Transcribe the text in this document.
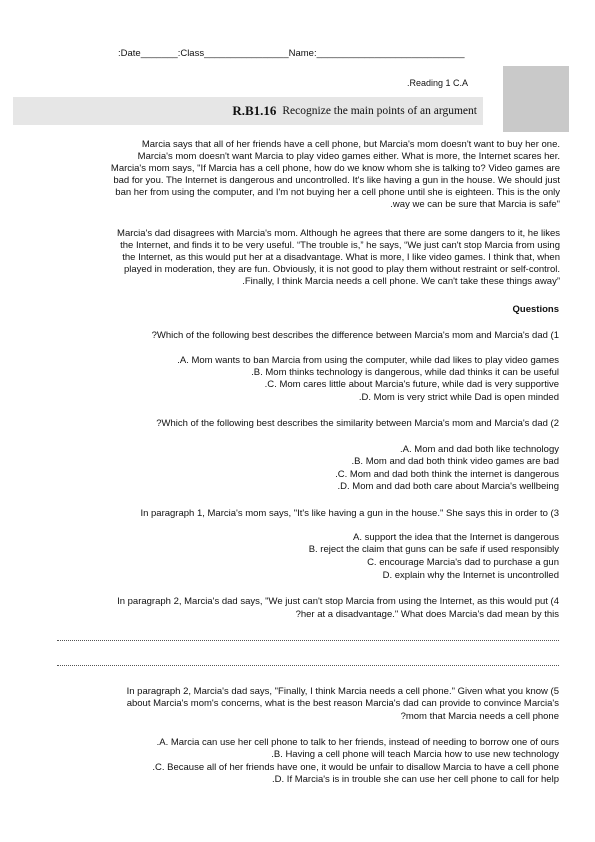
:Date_______:Class________________Name:____________________________
.Reading 1 C.A
R.B1.16 Recognize the main points of an argument
Marcia says that all of her friends have a cell phone, but Marcia's mom doesn't want to buy her one.
Marcia's mom doesn't want Marcia to play video games either. What is more, the Internet scares her.
Marcia's mom says, "If Marcia has a cell phone, how do we know whom she is talking to? Video games are
bad for you. The Internet is dangerous and uncontrolled. It's like having a gun in the house. We should just
ban her from using the computer, and I'm not buying her a cell phone until she is eighteen. This is the only
.way we can be sure that Marcia is safe"
Marcia's dad disagrees with Marcia's mom. Although he agrees that there are some dangers to it, he likes
the Internet, and finds it to be very useful. “The trouble is,” he says, “We just can't stop Marcia from using
the Internet, as this would put her at a disadvantage. What is more, I like video games. I think that, when
played in moderation, they are fun. Obviously, it is not good to play them without restraint or self-control.
.Finally, I think Marcia needs a cell phone. We can't take these things away”
Questions
?Which of the following best describes the difference between Marcia's mom and Marcia's dad (1
.A. Mom wants to ban Marcia from using the computer, while dad likes to play video games
.B. Mom thinks technology is dangerous, while dad thinks it can be useful
.C. Mom cares little about Marcia's future, while dad is very supportive
.D. Mom is very strict while Dad is open minded
?Which of the following best describes the similarity between Marcia's mom and Marcia's dad (2
.A. Mom and dad both like technology
.B. Mom and dad both think video games are bad
.C. Mom and dad both think the internet is dangerous
.D. Mom and dad both care about Marcia's wellbeing
In paragraph 1, Marcia's mom says, "It's like having a gun in the house." She says this in order to (3
A. support the idea that the Internet is dangerous
B. reject the claim that guns can be safe if used responsibly
C. encourage Marcia's dad to purchase a gun
D. explain why the Internet is uncontrolled
In paragraph 2, Marcia's dad says, "We just can't stop Marcia from using the Internet, as this would put (4
?her at a disadvantage." What does Marcia's dad mean by this
In paragraph 2, Marcia's dad says, "Finally, I think Marcia needs a cell phone." Given what you know (5
about Marcia's mom's concerns, what is the best reason Marcia's dad can provide to convince Marcia's
?mom that Marcia needs a cell phone
.A. Marcia can use her cell phone to talk to her friends, instead of needing to borrow one of ours
.B. Having a cell phone will teach Marcia how to use new technology
.C. Because all of her friends have one, it would be unfair to disallow Marcia to have a cell phone
.D. If Marcia's is in trouble she can use her cell phone to call for help
